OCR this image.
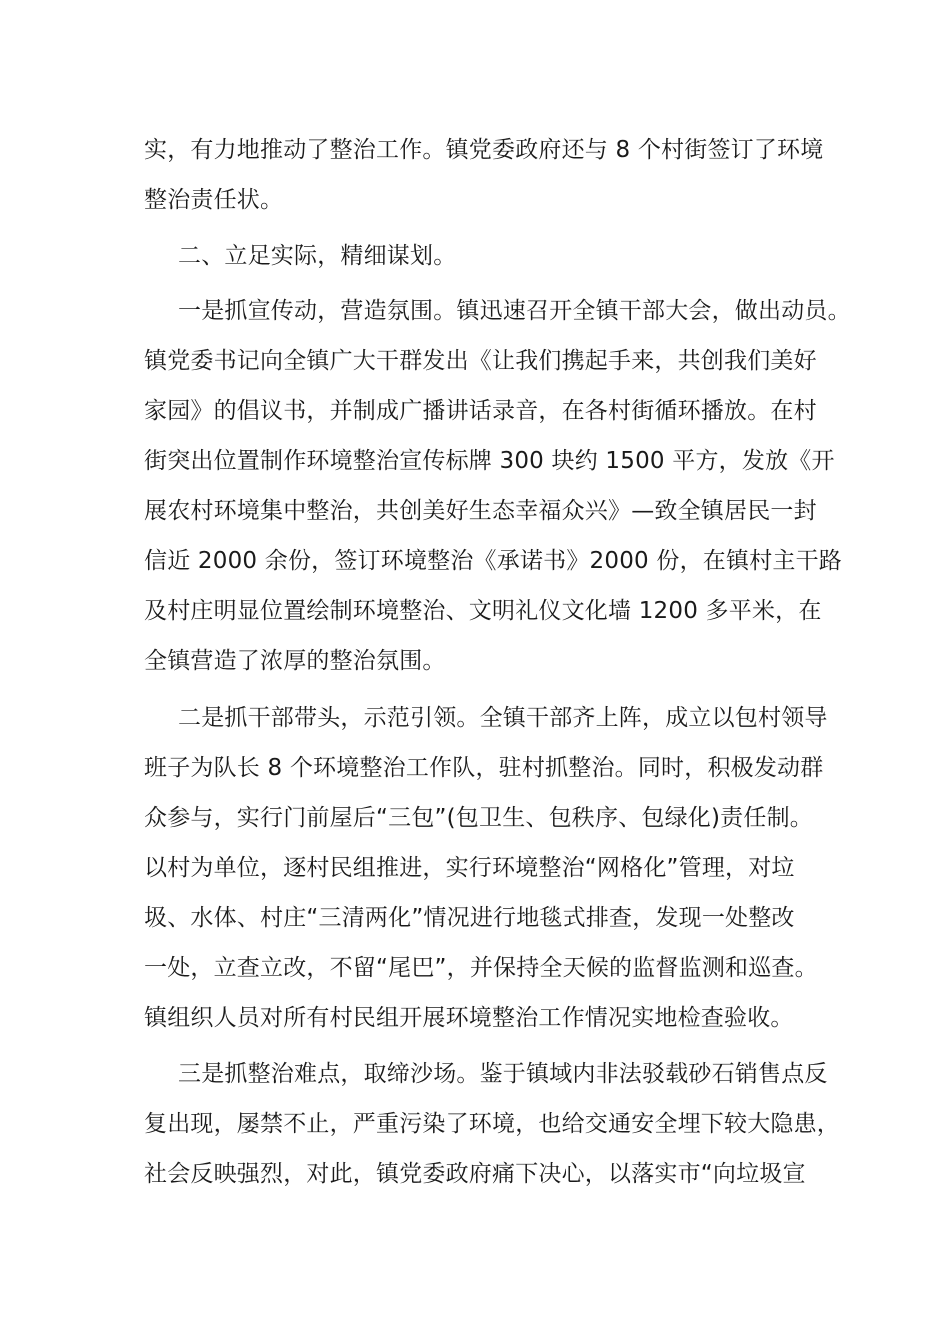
实，有力地推动了整治工作。镇党委政府还与 8 个村街签订了环境
整治责任状。
二、立足实际，精细谋划。
一是抓宣传动，营造氛围。镇迅速召开全镇干部大会，做出动员。
镇党委书记向全镇广大干群发出《让我们携起手来，共创我们美好
家园》的倡议书，并制成广播讲话录音，在各村街循环播放。在村
街突出位置制作环境整治宣传标牌 300 块约 1500 平方，发放《开
展农村环境集中整治，共创美好生态幸福众兴》—致全镇居民一封
信近 2000 余份，签订环境整治《承诺书》2000 份，在镇村主干路
及村庄明显位置绘制环境整治、文明礼仪文化墙 1200 多平米，在
全镇营造了浓厚的整治氛围。
二是抓干部带头，示范引领。全镇干部齐上阵，成立以包村领导
班子为队长 8 个环境整治工作队，驻村抓整治。同时，积极发动群
众参与，实行门前屋后“三包”(包卫生、包秩序、包绿化)责任制。
以村为单位，逐村民组推进，实行环境整治“网格化”管理，对垃
圾、水体、村庄“三清两化”情况进行地毯式排查，发现一处整改
一处，立查立改，不留“尾巴”，并保持全天候的监督监测和巡查。
镇组织人员对所有村民组开展环境整治工作情况实地检查验收。
三是抓整治难点，取缔沙场。鉴于镇域内非法驳载砂石销售点反
复出现，屡禁不止，严重污染了环境，也给交通安全埋下较大隐患，
社会反映强烈，对此，镇党委政府痛下决心，以落实市“向垃圾宣
